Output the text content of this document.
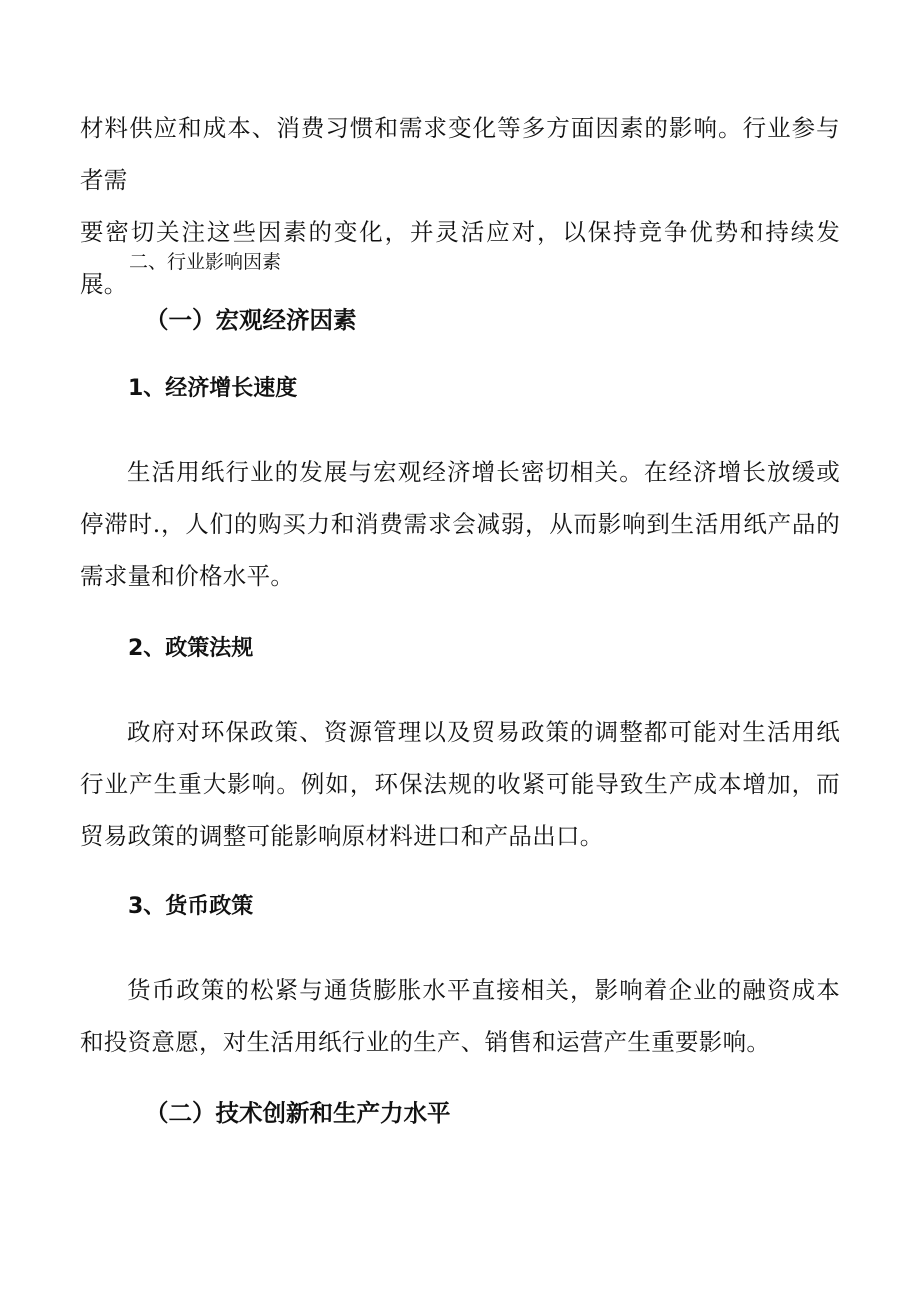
材料供应和成本、消费习惯和需求变化等多方面因素的影响。行业参与者需
要密切关注这些因素的变化，并灵活应对，以保持竞争优势和持续发展。

二、行业影响因素
（一）宏观经济因素
1、经济增长速度

生活用纸行业的发展与宏观经济增长密切相关。在经济增长放缓或停滞时.，人们的购买力和消费需求会减弱，从而影响到生活用纸产品的需求量和价格水平。

2、政策法规

政府对环保政策、资源管理以及贸易政策的调整都可能对生活用纸行业产生重大影响。例如，环保法规的收紧可能导致生产成本增加，而贸易政策的调整可能影响原材料进口和产品出口。

3、货币政策

货币政策的松紧与通货膨胀水平直接相关，影响着企业的融资成本和投资意愿，对生活用纸行业的生产、销售和运营产生重要影响。

（二）技术创新和生产力水平
